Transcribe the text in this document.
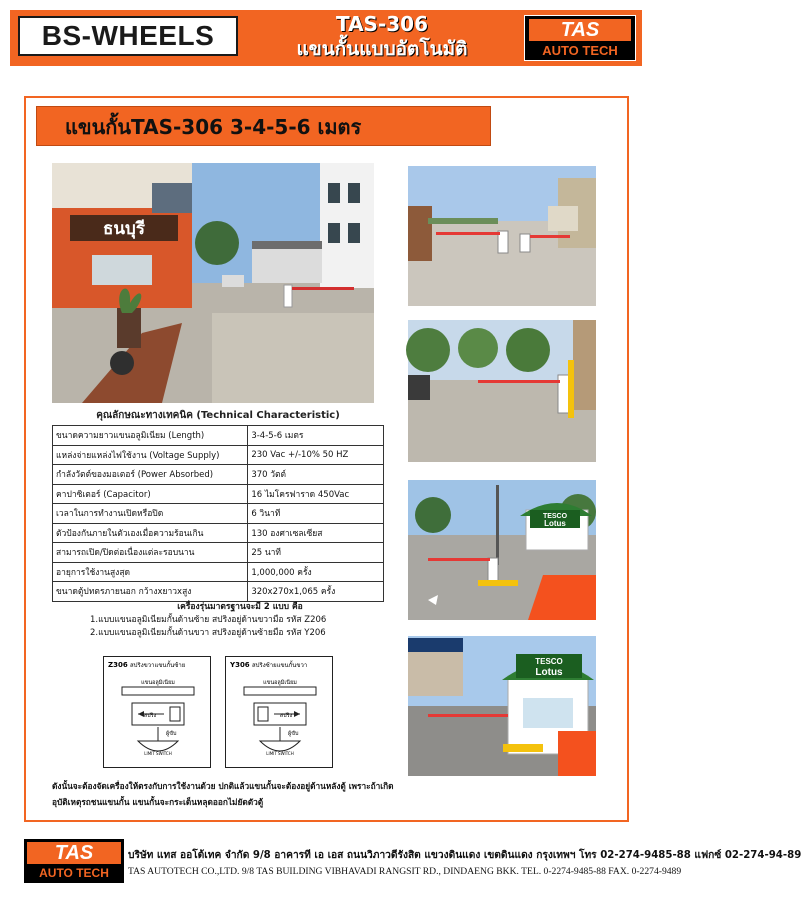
BS - WHEELS	TAS-306
แขนกั้นแบบอัตโนมัติ
TAS
AUTO TECH
แขนกั้นTAS-306 3-4-5-6 เมตร
ธนบุรี
TESCO
Lotus
TESCO
Lotus
คุณลักษณะทางเทคนิค (Technical Characteristic)
ขนาดความยาวแขนอลูมิเนียม (Length)	3-4-5-6 เมตร
แหล่งจ่ายแหล่งไฟใช้งาน (Voltage Supply)	230 Vac +/-10% 50 HZ
กำลังวัตต์ของมอเตอร์ (Power Absorbed)	370 วัตต์
คาปาซิเตอร์ (Capacitor)	16 ไมโครฟาราด 450Vac
เวลาในการทำงานเปิดหรือปิด	6 วินาที
ตัวป้องกันภายในตัวเองเมื่อความร้อนเกิน	130 องศาเซลเซียส
สามารถเปิด/ปิดต่อเนื่องแต่ละรอบนาน	25 นาที
อายุการใช้งานสูงสุด	1,000,000 ครั้ง
ขนาดตู้ปทตรภายนอก กว้างxยาวxสูง	320x270x1,065 ครั้ง
เครื่องรุ่นมาตรฐานจะมี 2 แบบ คือ
1.แบบแขนอลูมิเนียมกั้นด้านซ้าย สปริงอยู่ด้านขวามือ รหัส Z206
2.แบบแขนอลูมิเนียมกั้นด้านขวา สปริงอยู่ด้านซ้ายมือ รหัส Y206
Z306 สปริงขวาแขนกั้นซ้าย
แขนอลูมิเนียม
สปริง
ผู้ขับ
LIMIT SWITCH
Y306 สปริงซ้ายแขนกั้นขวา
แขนอลูมิเนียม
สปริง
ผู้ขับ
LIMIT SWITCH
ดังนั้นจะต้องจัดเครื่องให้ตรงกับการใช้งานด้วย ปกติแล้วแขนกั้นจะต้องอยู่ด้านหลังตู้ เพราะถ้าเกิด
อุบัติเหตุรถชนแขนกั้น แขนกั้นจะกระเด็นหลุดออกไม่ยัดตัวตู้
TAS
AUTO TECH
บริษัท แทส ออโต้เทค จำกัด 9/8 อาคารที เอ เอส ถนนวิภาวดีรังสิต แขวงดินแดง เขตดินแดง กรุงเทพฯ โทร 02-274-9485-88 แฟกซ์ 02-274-94-89
TAS AUTOTECH CO.,LTD. 9/8 TAS BUILDING VIBHAVADI RANGSIT RD., DINDAENG BKK. TEL. 0-2274-9485-88 FAX. 0-2274-9489
